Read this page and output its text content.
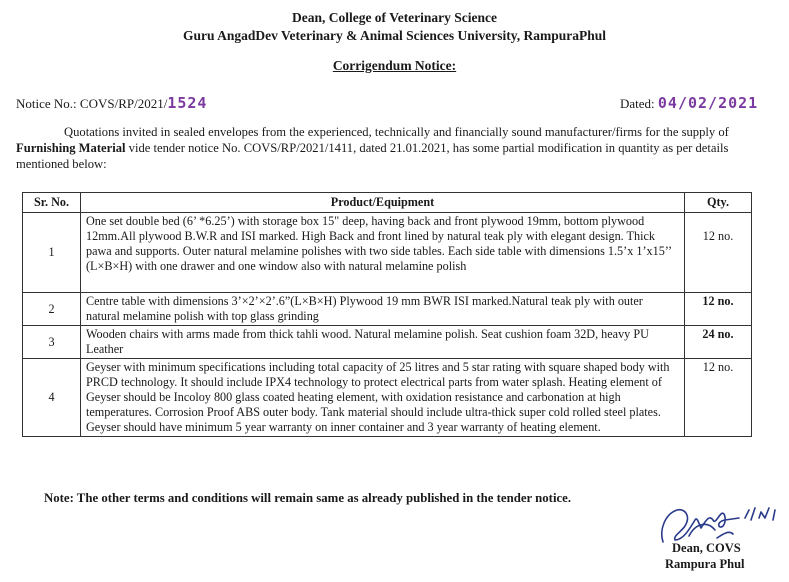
Dean, College of Veterinary Science
Guru AngadDev Veterinary & Animal Sciences University, RampuraPhul
Corrigendum Notice:
Notice No.: COVS/RP/2021/1524	Dated: 04/02/2021
Quotations invited in sealed envelopes from the experienced, technically and financially sound manufacturer/firms for the supply of Furnishing Material vide tender notice No. COVS/RP/2021/1411, dated 21.01.2021, has some partial modification in quantity as per details mentioned below:
Sr. No.	Product/Equipment	Qty.
1	One set double bed (6’ *6.25’) with storage box 15" deep, having back and front plywood 19mm, bottom plywood 12mm.All plywood B.W.R and ISI marked. High Back and front lined by natural teak ply with elegant design. Thick pawa and supports. Outer natural melamine polishes with two side tables. Each side table with dimensions 1.5’x 1’x15’’ (L×B×H) with one drawer and one window also with natural melamine polish	12 no.
2	Centre table with dimensions 3’×2’×2’.6”(L×B×H) Plywood 19 mm BWR ISI marked.Natural teak ply with outer natural melamine polish with top glass grinding	12 no.
3	Wooden chairs with arms made from thick tahli wood. Natural melamine polish. Seat cushion foam 32D, heavy PU Leather	24 no.
4	Geyser with minimum specifications including total capacity of 25 litres and 5 star rating with square shaped body with PRCD technology. It should include IPX4 technology to protect electrical parts from water splash. Heating element of Geyser should be Incoloy 800 glass coated heating element, with oxidation resistance and carbonation at high temperatures. Corrosion Proof ABS outer body. Tank material should include ultra-thick super cold rolled steel plates. Geyser should have minimum 5 year warranty on inner container and 3 year warranty of heating element.	12 no.
Note: The other terms and conditions will remain same as already published in the tender notice.
Dean, COVS
Rampura Phul
